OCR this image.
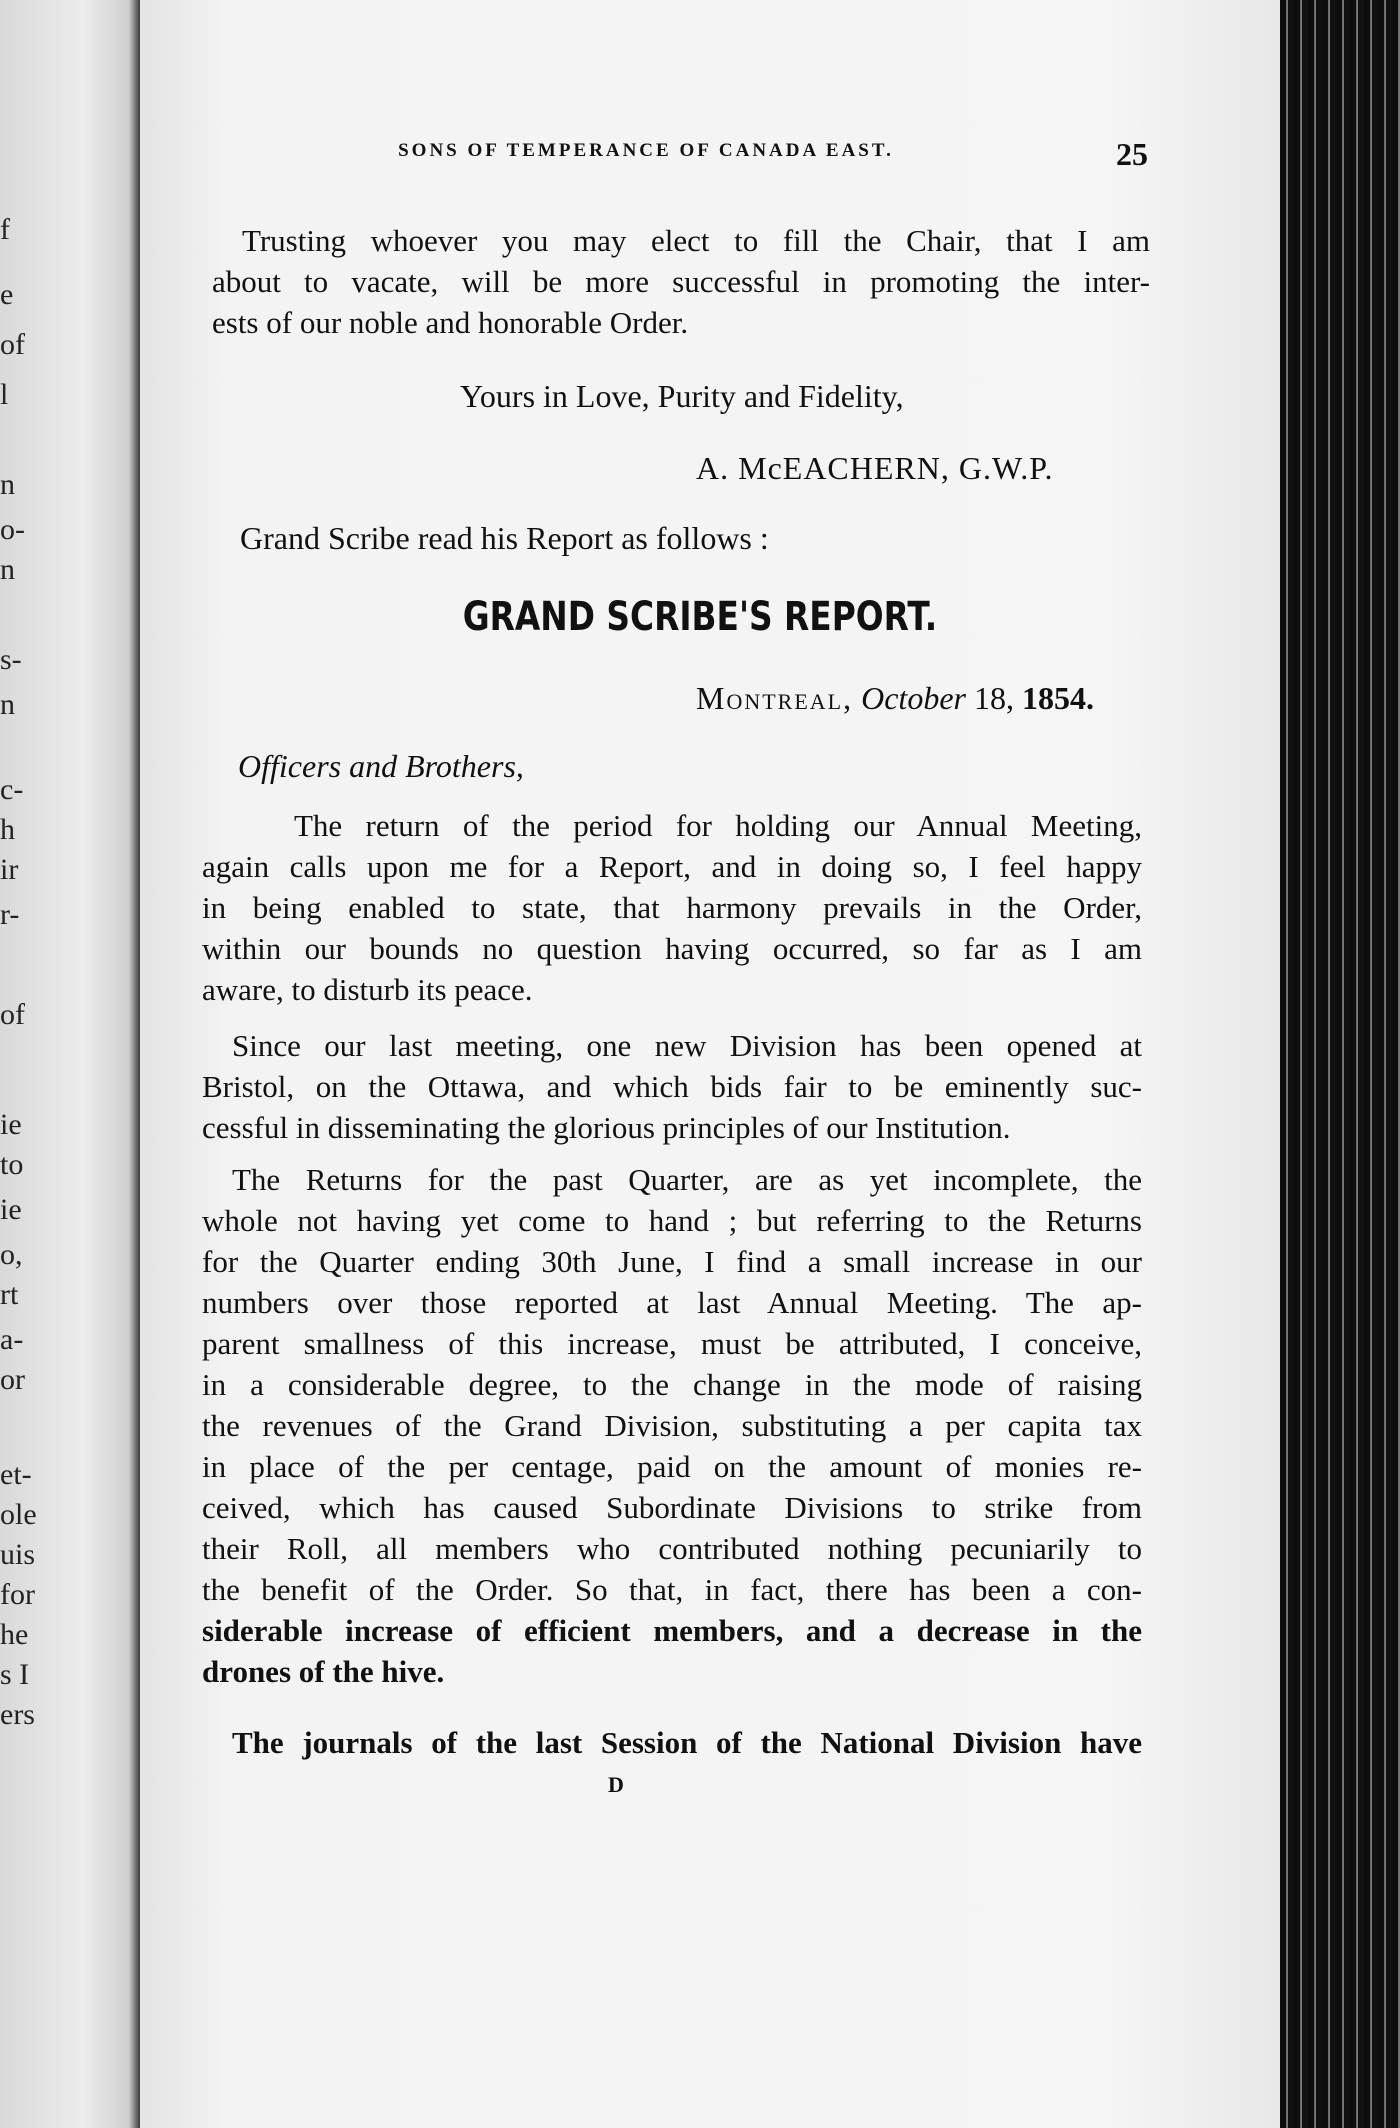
f
e
of
l
n
o-
n
s-
n
c-
h
ir
r-
of
ie
to
ie
o,
rt
a-
or
et-
ole
uis
for
he
s I
ers
SONS OF TEMPERANCE OF CANADA EAST.	25
Trusting whoever you may elect to fill the Chair, that I am
about to vacate, will be more successful in promoting the inter-
ests of our noble and honorable Order.
Yours in Love, Purity and Fidelity,
A. McEACHERN, G.W.P.
Grand Scribe read his Report as follows :
GRAND SCRIBE'S REPORT.
Montreal, October 18, 1854.
Officers and Brothers,
The return of the period for holding our Annual Meeting,
again calls upon me for a Report, and in doing so, I feel happy
in being enabled to state, that harmony prevails in the Order,
within our bounds no question having occurred, so far as I am
aware, to disturb its peace.
Since our last meeting, one new Division has been opened at
Bristol, on the Ottawa, and which bids fair to be eminently suc-
cessful in disseminating the glorious principles of our Institution.
The Returns for the past Quarter, are as yet incomplete, the
whole not having yet come to hand ; but referring to the Returns
for the Quarter ending 30th June, I find a small increase in our
numbers over those reported at last Annual Meeting. The ap-
parent smallness of this increase, must be attributed, I conceive,
in a considerable degree, to the change in the mode of raising
the revenues of the Grand Division, substituting a per capita tax
in place of the per centage, paid on the amount of monies re-
ceived, which has caused Subordinate Divisions to strike from
their Roll, all members who contributed nothing pecuniarily to
the benefit of the Order. So that, in fact, there has been a con-
siderable increase of efficient members, and a decrease in the
drones of the hive.
The journals of the last Session of the National Division have
D
